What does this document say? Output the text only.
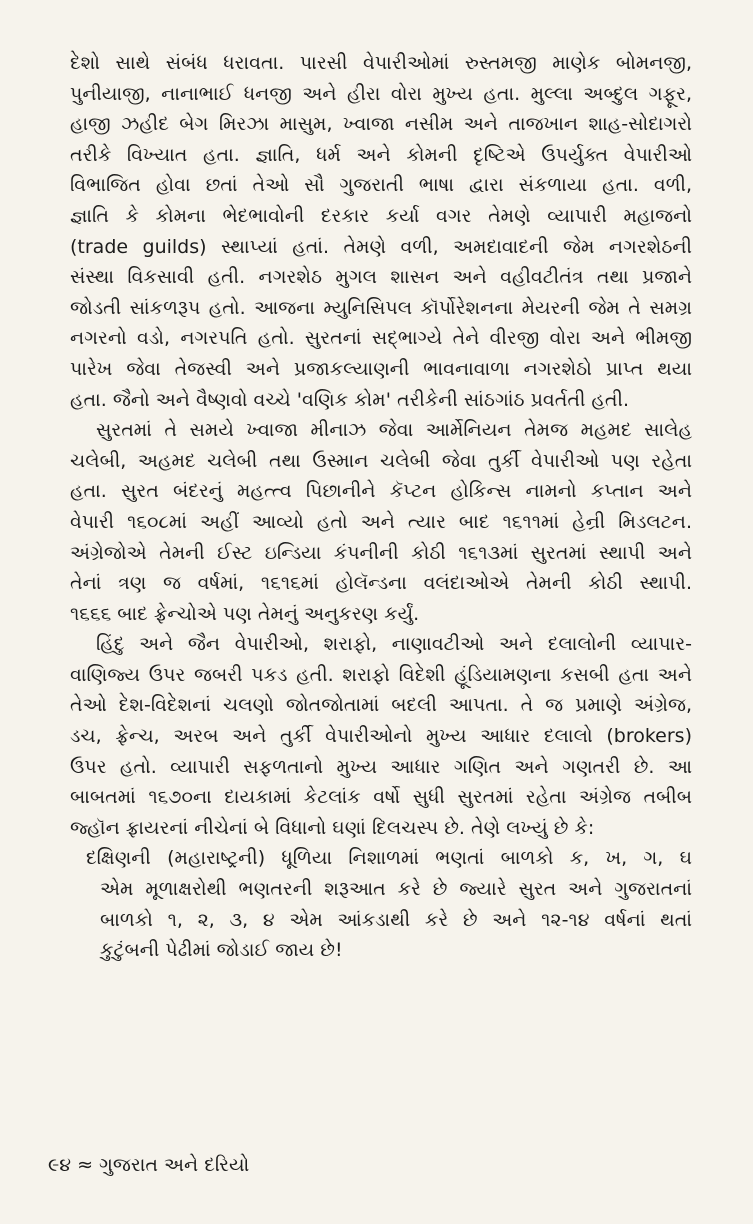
દેશો સાથે સંબંધ ધરાવતા. પારસી વેપારીઓમાં રુસ્તમજી માણેક બોમનજી,
પુનીયાજી, નાનાભાઈ ધનજી અને હીરા વોરા મુખ્ય હતા. મુલ્લા અબ્દુલ ગફૂર,
હાજી ઝહીદ બેગ મિરઝા માસુમ, ખ્વાજા નસીમ અને તાજખાન શાહ-સોદાગરો
તરીકે વિખ્યાત હતા. જ્ઞાતિ, ધર્મ અને કોમની દૃષ્ટિએ ઉપર્યુક્ત વેપારીઓ
વિભાજિત હોવા છતાં તેઓ સૌ ગુજરાતી ભાષા દ્વારા સંકળાયા હતા. વળી,
જ્ઞાતિ કે કોમના ભેદભાવોની દરકાર કર્યા વગર તેમણે વ્યાપારી મહાજનો
(trade guilds) સ્થાપ્યાં હતાં. તેમણે વળી, અમદાવાદની જેમ નગરશેઠની
સંસ્થા વિકસાવી હતી. નગરશેઠ મુગલ શાસન અને વહીવટીતંત્ર તથા પ્રજાને
જોડતી સાંકળરૂપ હતો. આજના મ્યુનિસિપલ કૉર્પોરેશનના મેયરની જેમ તે સમગ્ર
નગરનો વડો, નગરપતિ હતો. સુરતનાં સદ્ભાગ્યે તેને વીરજી વોરા અને ભીમજી
પારેખ જેવા તેજસ્વી અને પ્રજાકલ્યાણની ભાવનાવાળા નગરશેઠો પ્રાપ્ત થયા
હતા. જૈનો અને વૈષ્ણવો વચ્ચે 'વણિક કોમ' તરીકેની સાંઠગાંઠ પ્રવર્તતી હતી.
સુરતમાં તે સમયે ખ્વાજા મીનાઝ જેવા આર્મેનિયન તેમજ મહમદ સાલેહ
ચલેબી, અહમદ ચલેબી તથા ઉસ્માન ચલેબી જેવા તુર્કી વેપારીઓ પણ રહેતા
હતા. સુરત બંદરનું મહત્ત્વ પિછાનીને કૅપ્ટન હોકિન્સ નામનો કપ્તાન અને
વેપારી ૧૬૦૮માં અહીં આવ્યો હતો અને ત્યાર બાદ ૧૬૧૧માં હેન્રી મિડલટન.
અંગ્રેજોએ તેમની ઈસ્ટ ઇન્ડિયા કંપનીની કોઠી ૧૬૧૩માં સુરતમાં સ્થાપી અને
તેનાં ત્રણ જ વર્ષમાં, ૧૬૧૬માં હોલૅન્ડના વલંદાઓએ તેમની કોઠી સ્થાપી.
૧૬૬૬ બાદ ફ્રેન્ચોએ પણ તેમનું અનુકરણ કર્યું.
હિંદુ અને જૈન વેપારીઓ, શરાફો, નાણાવટીઓ અને દલાલોની વ્યાપાર-
વાણિજ્ય ઉપર જબરી પકડ હતી. શરાફો વિદેશી હૂંડિયામણના કસબી હતા અને
તેઓ દેશ-વિદેશનાં ચલણો જોતજોતામાં બદલી આપતા. તે જ પ્રમાણે અંગ્રેજ,
ડચ, ફ્રેન્ચ, અરબ અને તુર્કી વેપારીઓનો મુખ્ય આધાર દલાલો (brokers)
ઉપર હતો. વ્યાપારી સફળતાનો મુખ્ય આધાર ગણિત અને ગણતરી છે. આ
બાબતમાં ૧૬૭૦ના દાયકામાં કેટલાંક વર્ષો સુધી સુરતમાં રહેતા અંગ્રેજ તબીબ
જ્હૉન ફ્રાયરનાં નીચેનાં બે વિધાનો ઘણાં દિલચસ્પ છે. તેણે લખ્યું છે કે:
દક્ષિણની (મહારાષ્ટ્રની) ધૂળિયા નિશાળમાં ભણતાં બાળકો ક, ખ, ગ, ઘ
એમ મૂળાક્ષરોથી ભણતરની શરૂઆત કરે છે જ્યારે સુરત અને ગુજરાતનાં
બાળકો ૧, ૨, ૩, ૪ એમ આંકડાથી કરે છે અને ૧૨-૧૪ વર્ષનાં થતાં
કુટુંબની પેઢીમાં જોડાઈ જાય છે!
૯૪ ≈ ગુજરાત અને દરિયો
